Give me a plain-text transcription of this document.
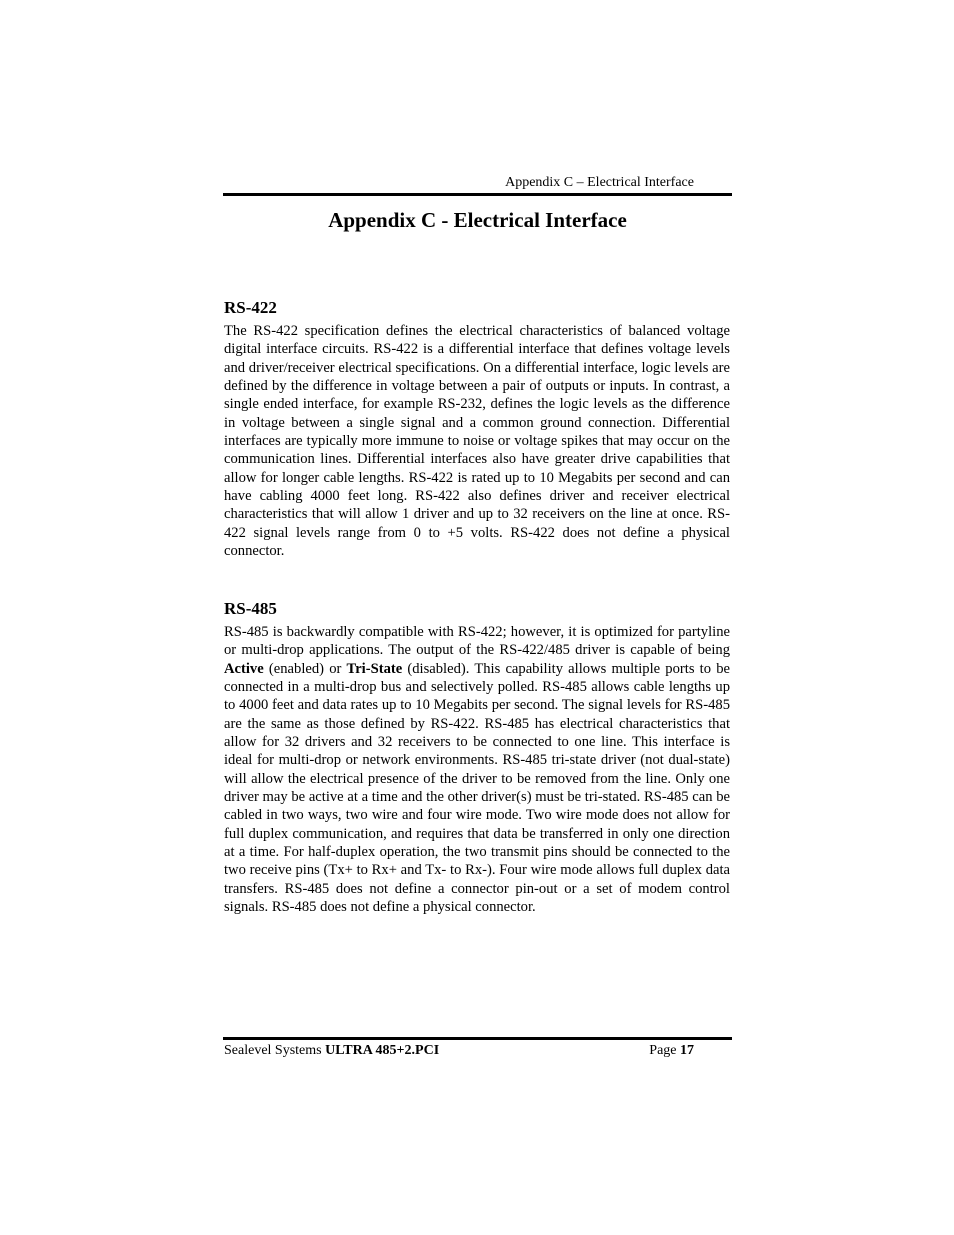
Appendix C – Electrical Interface
Appendix C - Electrical Interface
RS-422

The RS-422 specification defines the electrical characteristics of balanced voltage digital interface circuits. RS-422 is a differential interface that defines voltage levels and driver/receiver electrical specifications. On a differential interface, logic levels are defined by the difference in voltage between a pair of outputs or inputs. In contrast, a single ended interface, for example RS-232, defines the logic levels as the difference in voltage between a single signal and a common ground connection. Differential interfaces are typically more immune to noise or voltage spikes that may occur on the communication lines. Differential interfaces also have greater drive capabilities that allow for longer cable lengths. RS-422 is rated up to 10 Megabits per second and can have cabling 4000 feet long. RS-422 also defines driver and receiver electrical characteristics that will allow 1 driver and up to 32 receivers on the line at once. RS-422 signal levels range from 0 to +5 volts. RS-422 does not define a physical connector.

RS-485

RS-485 is backwardly compatible with RS-422; however, it is optimized for partyline or multi-drop applications. The output of the RS-422/485 driver is capable of being Active (enabled) or Tri-State (disabled). This capability allows multiple ports to be connected in a multi-drop bus and selectively polled. RS-485 allows cable lengths up to 4000 feet and data rates up to 10 Megabits per second. The signal levels for RS-485 are the same as those defined by RS-422. RS-485 has electrical characteristics that allow for 32 drivers and 32 receivers to be connected to one line. This interface is ideal for multi-drop or network environments. RS-485 tri-state driver (not dual-state) will allow the electrical presence of the driver to be removed from the line. Only one driver may be active at a time and the other driver(s) must be tri-stated. RS-485 can be cabled in two ways, two wire and four wire mode. Two wire mode does not allow for full duplex communication, and requires that data be transferred in only one direction at a time. For half-duplex operation, the two transmit pins should be connected to the two receive pins (Tx+ to Rx+ and Tx- to Rx-). Four wire mode allows full duplex data transfers. RS-485 does not define a connector pin-out or a set of modem control signals. RS-485 does not define a physical connector.

Sealevel Systems ULTRA 485+2.PCI	Page 17
